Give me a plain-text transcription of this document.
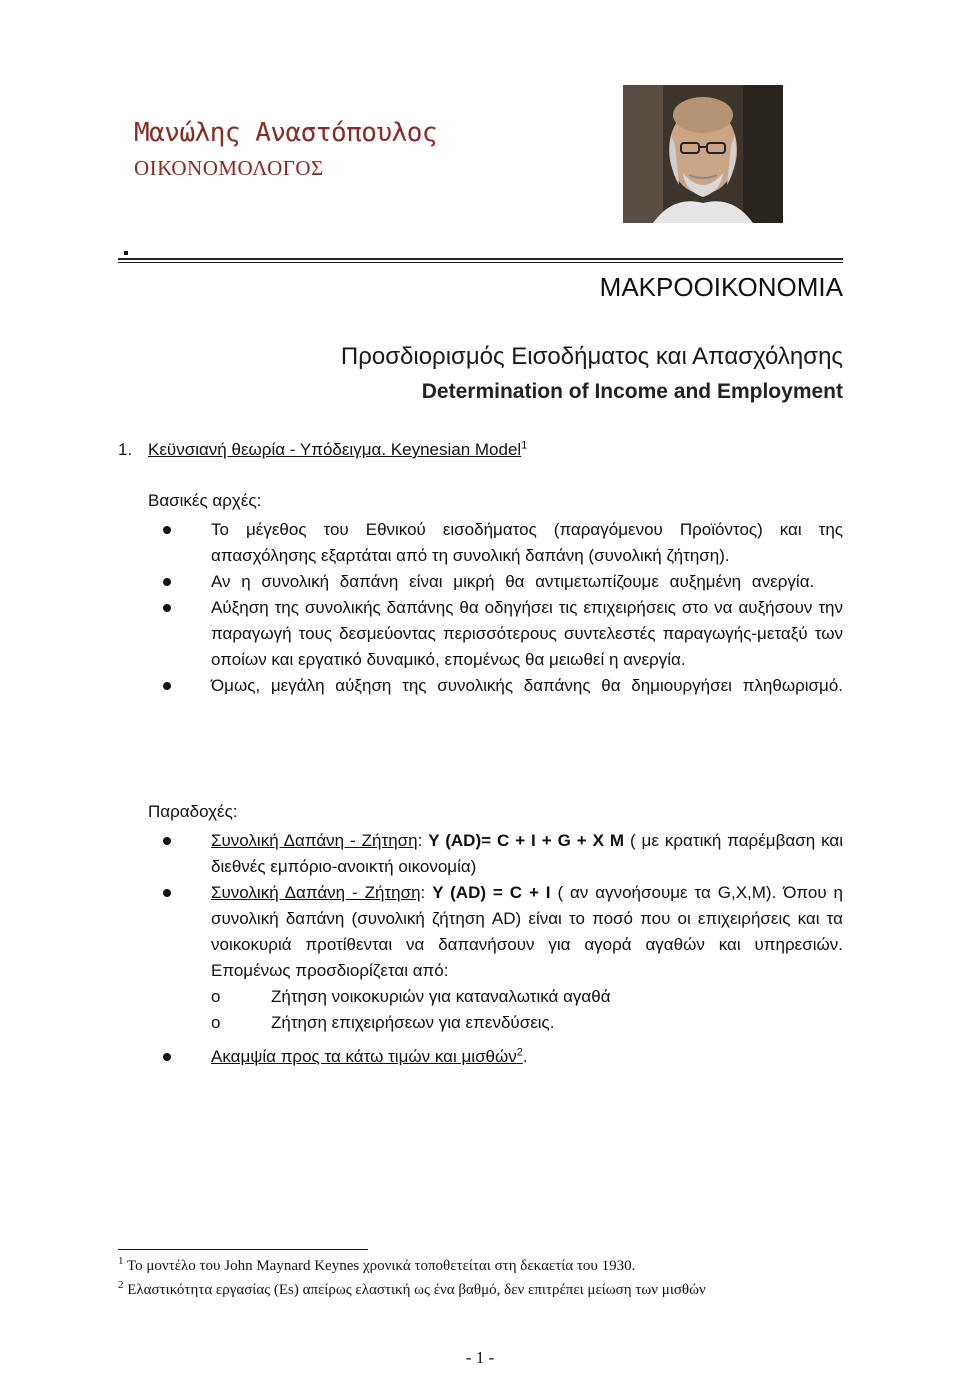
Μανώλης Αναστόπουλος
ΟΙΚΟΝΟΜΟΛΟΓΟΣ
ΜΑΚΡΟΟΙΚΟΝΟΜΙΑ
Προσδιορισμός Εισοδήματος και Απασχόλησης
Determination of Income and Employment
1. Κεϋνσιανή θεωρία - Υπόδειγμα. Keynesian Model$^1$
Βασικές αρχές:
Το μέγεθος του Εθνικού εισοδήματος (παραγόμενου Προϊόντος) και της απασχόλησης εξαρτάται από τη συνολική δαπάνη (συνολική ζήτηση).
Αν η συνολική δαπάνη είναι μικρή θα αντιμετωπίζουμε αυξημένη ανεργία.
Αύξηση της συνολικής δαπάνης θα οδηγήσει τις επιχειρήσεις στο να αυξήσουν την παραγωγή τους δεσμεύοντας περισσότερους συντελεστές παραγωγής-μεταξύ των οποίων και εργατικό δυναμικό, επομένως θα μειωθεί η ανεργία.
Όμως, μεγάλη αύξηση της συνολικής δαπάνης θα δημιουργήσει πληθωρισμό.
Παραδοχές:
Συνολική Δαπάνη - Ζήτηση: Y (AD)= C + I + G + X M ( με κρατική παρέμβαση και διεθνές εμπόριο-ανοικτή οικονομία)
Συνολική Δαπάνη - Ζήτηση: Y (AD) = C + I ( αν αγνοήσουμε τα G,X,M). Όπου η συνολική δαπάνη (συνολική ζήτηση AD) είναι το ποσό που οι επιχειρήσεις και τα νοικοκυριά προτίθενται να δαπανήσουν για αγορά αγαθών και υπηρεσιών. Επομένως προσδιορίζεται από:
o	Ζήτηση νοικοκυριών για καταναλωτικά αγαθά
o	Ζήτηση επιχειρήσεων για επενδύσεις.
Ακαμψία προς τα κάτω τιμών και μισθών$^2$.
$^1$ Το μοντέλο του John Maynard Keynes χρονικά τοποθετείται στη δεκαετία του 1930.
$^2$ Ελαστικότητα εργασίας (Es) απείρως ελαστική ως ένα βαθμό, δεν επιτρέπει μείωση των μισθών
- 1 -
